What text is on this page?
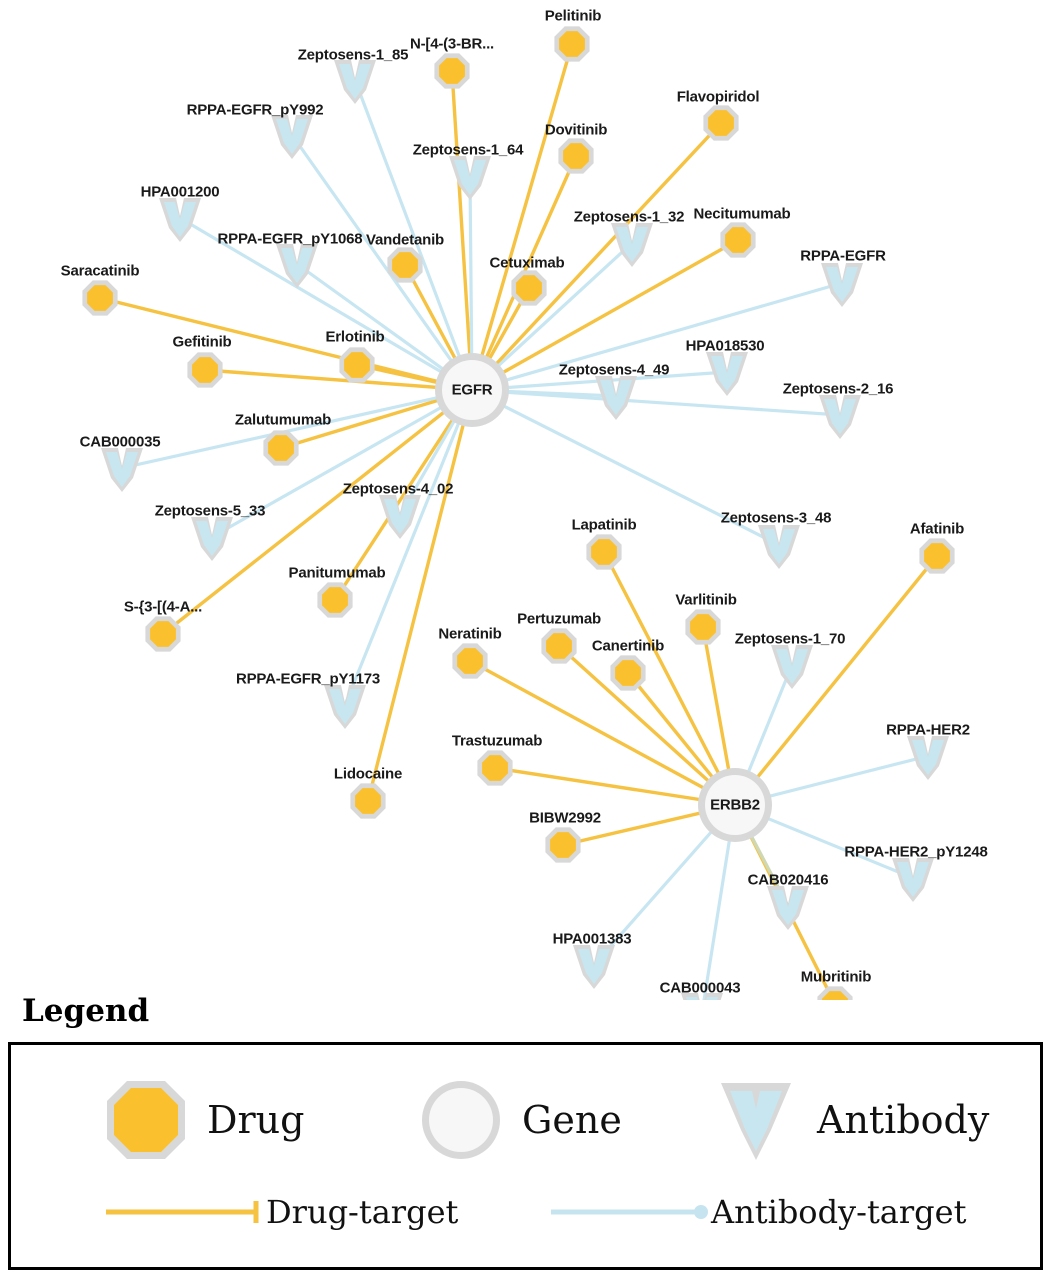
Pelitinib
N-[4-(3-BR...
Flavopiridol
Dovitinib
Vandetanib
Necitumumab
Cetuximab
Saracatinib
Gefitinib	Erlotinib
Zalutumumab
Afatinib
Lapatinib
Varlitinib
Panitumumab
S-{3-[(4-A...
Pertuzumab
Neratinib
Canertinib
Trastuzumab
Lidocaine
BIBW2992
Mubritinib
Zeptosens-1_85
RPPA-EGFR_pY992
Zeptosens-1_64
HPA001200
RPPA-EGFR_pY1068
Zeptosens-1_32
RPPA-EGFR
HPA018530
Zeptosens-4_49
Zeptosens-2_16
CAB000035
Zeptosens-4_02
Zeptosens-5_33	Zeptosens-3_48
Zeptosens-1_70
RPPA-EGFR_pY1173
RPPA-HER2
RPPA-HER2_pY1248
CAB020416
HPA001383
CAB000043
EGFR
ERBB2
Legend
Drug	Gene	Antibody
Drug-target	Antibody-target
